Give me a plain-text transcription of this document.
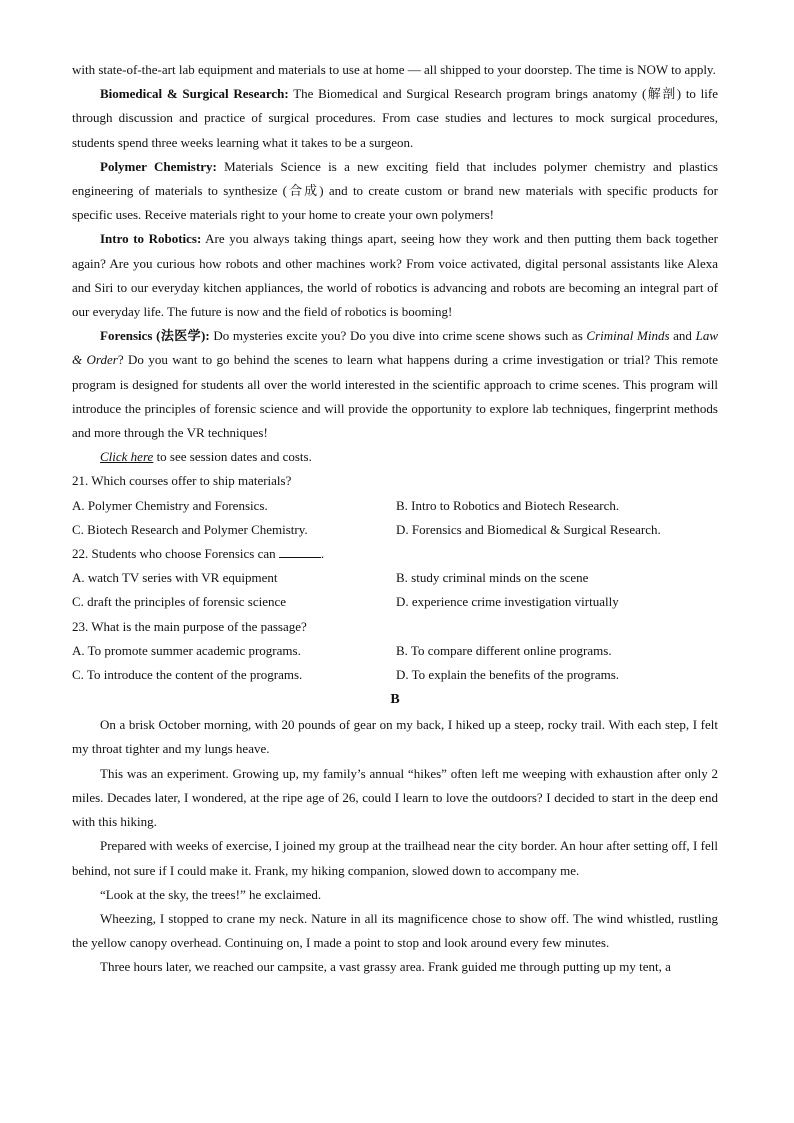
with state-of-the-art lab equipment and materials to use at home — all shipped to your doorstep. The time is NOW to apply.

Biomedical & Surgical Research: The Biomedical and Surgical Research program brings anatomy (解剖) to life through discussion and practice of surgical procedures. From case studies and lectures to mock surgical procedures, students spend three weeks learning what it takes to be a surgeon.

Polymer Chemistry: Materials Science is a new exciting field that includes polymer chemistry and plastics engineering of materials to synthesize (合成) and to create custom or brand new materials with specific products for specific uses. Receive materials right to your home to create your own polymers!

Intro to Robotics: Are you always taking things apart, seeing how they work and then putting them back together again? Are you curious how robots and other machines work? From voice activated, digital personal assistants like Alexa and Siri to our everyday kitchen appliances, the world of robotics is advancing and robots are becoming an integral part of our everyday life. The future is now and the field of robotics is booming!

Forensics (法医学): Do mysteries excite you? Do you dive into crime scene shows such as Criminal Minds and Law & Order? Do you want to go behind the scenes to learn what happens during a crime investigation or trial? This remote program is designed for students all over the world interested in the scientific approach to crime scenes. This program will introduce the principles of forensic science and will provide the opportunity to explore lab techniques, fingerprint methods and more through the VR techniques!

Click here to see session dates and costs.

21. Which courses offer to ship materials?
A. Polymer Chemistry and Forensics.	B. Intro to Robotics and Biotech Research.
C. Biotech Research and Polymer Chemistry.	D. Forensics and Biomedical & Surgical Research.
22. Students who choose Forensics can	.
A. watch TV series with VR equipment	B. study criminal minds on the scene
C. draft the principles of forensic science	D. experience crime investigation virtually
23. What is the main purpose of the passage?
A. To promote summer academic programs.	B. To compare different online programs.
C. To introduce the content of the programs.	D. To explain the benefits of the programs.
B

On a brisk October morning, with 20 pounds of gear on my back, I hiked up a steep, rocky trail. With each step, I felt my throat tighter and my lungs heave.

This was an experiment. Growing up, my family’s annual “hikes” often left me weeping with exhaustion after only 2 miles. Decades later, I wondered, at the ripe age of 26, could I learn to love the outdoors? I decided to start in the deep end with this hiking.

Prepared with weeks of exercise, I joined my group at the trailhead near the city border. An hour after setting off, I fell behind, not sure if I could make it. Frank, my hiking companion, slowed down to accompany me.

“Look at the sky, the trees!” he exclaimed.

Wheezing, I stopped to crane my neck. Nature in all its magnificence chose to show off. The wind whistled, rustling the yellow canopy overhead. Continuing on, I made a point to stop and look around every few minutes.

Three hours later, we reached our campsite, a vast grassy area. Frank guided me through putting up my tent, a
